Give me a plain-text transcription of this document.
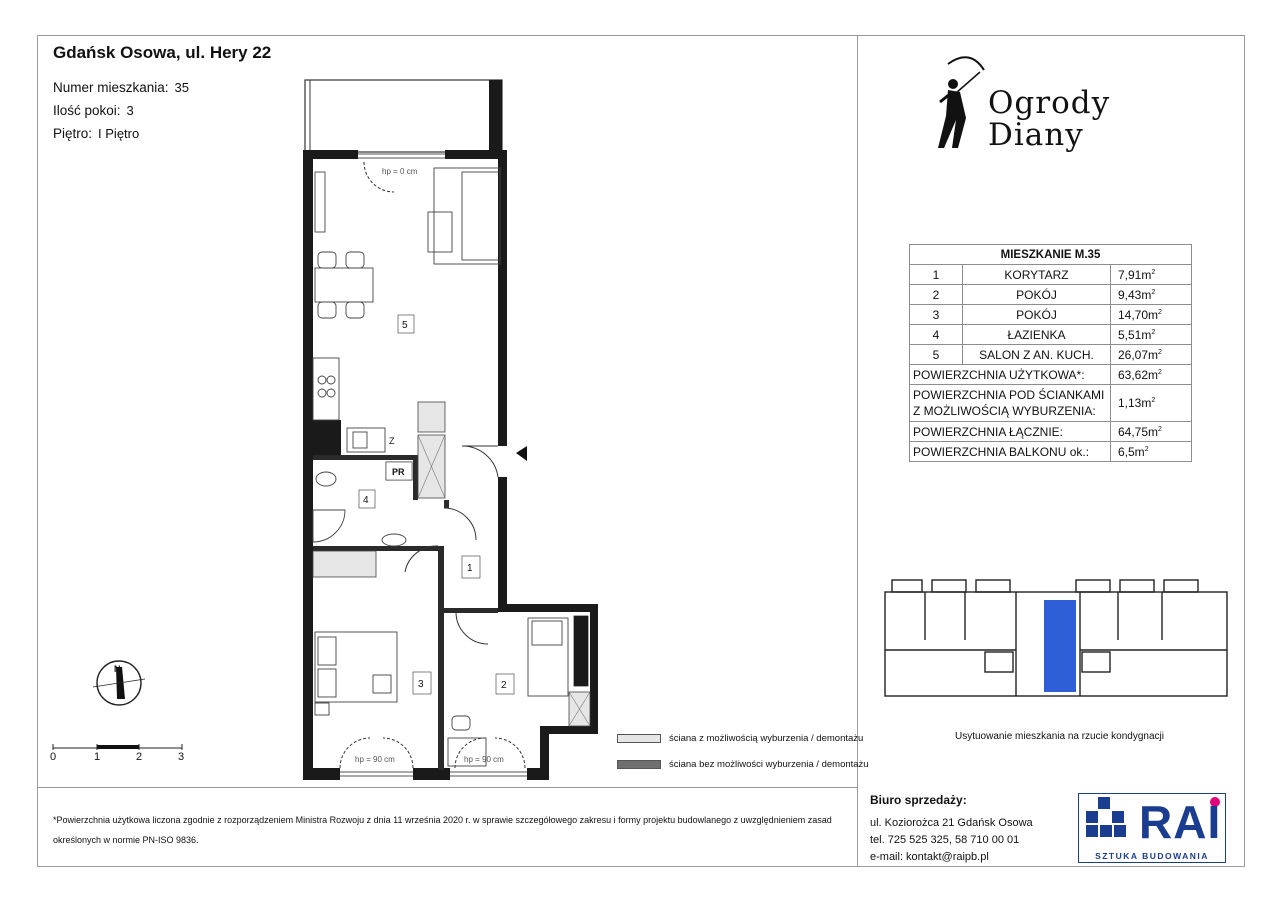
Gdańsk Osowa, ul. Hery 22
Numer mieszkania: 35
Ilość pokoi: 3
Piętro: I Piętro
5
4
1
3	2
PR
Z
hp = 0 cm
hp = 90 cm	hp = 90 cm
N
0	1	2	3
Ogrody
Diany
MIESZKANIE M.35		
1	KORYTARZ	$7,91m^2$
2	POKÓJ	$9,43m^2$
3	POKÓJ	$14,70m^2$
4	ŁAZIENKA	$5,51m^2$
5	SALON Z AN. KUCH.	$26,07m^2$
POWIERZCHNIA UŻYTKOWA*:		$63,62m^2$
POWIERZCHNIA POD ŚCIANKAMI Z MOŻLIWOŚCIĄ WYBURZENIA:		$1,13m^2$
POWIERZCHNIA ŁĄCZNIE:		$64,75m^2$
POWIERZCHNIA BALKONU ok.:		$6,5m^2$
Usytuowanie mieszkania na rzucie kondygnacji
ściana z możliwością wyburzenia / demontażu
ściana bez możliwości wyburzenia / demontażu
*Powierzchnia użytkowa liczona zgodnie z rozporządzeniem Ministra Rozwoju z dnia 11 września 2020 r. w sprawie szczegółowego zakresu i formy projektu budowlanego z uwzględnieniem zasad określonych w normie PN-ISO 9836.
Biuro sprzedaży:
ul. Koziorożca 21 Gdańsk Osowa
tel. 725 525 325, 58 710 00 01
e-mail: kontakt@raipb.pl
RAI
SZTUKA BUDOWANIA
